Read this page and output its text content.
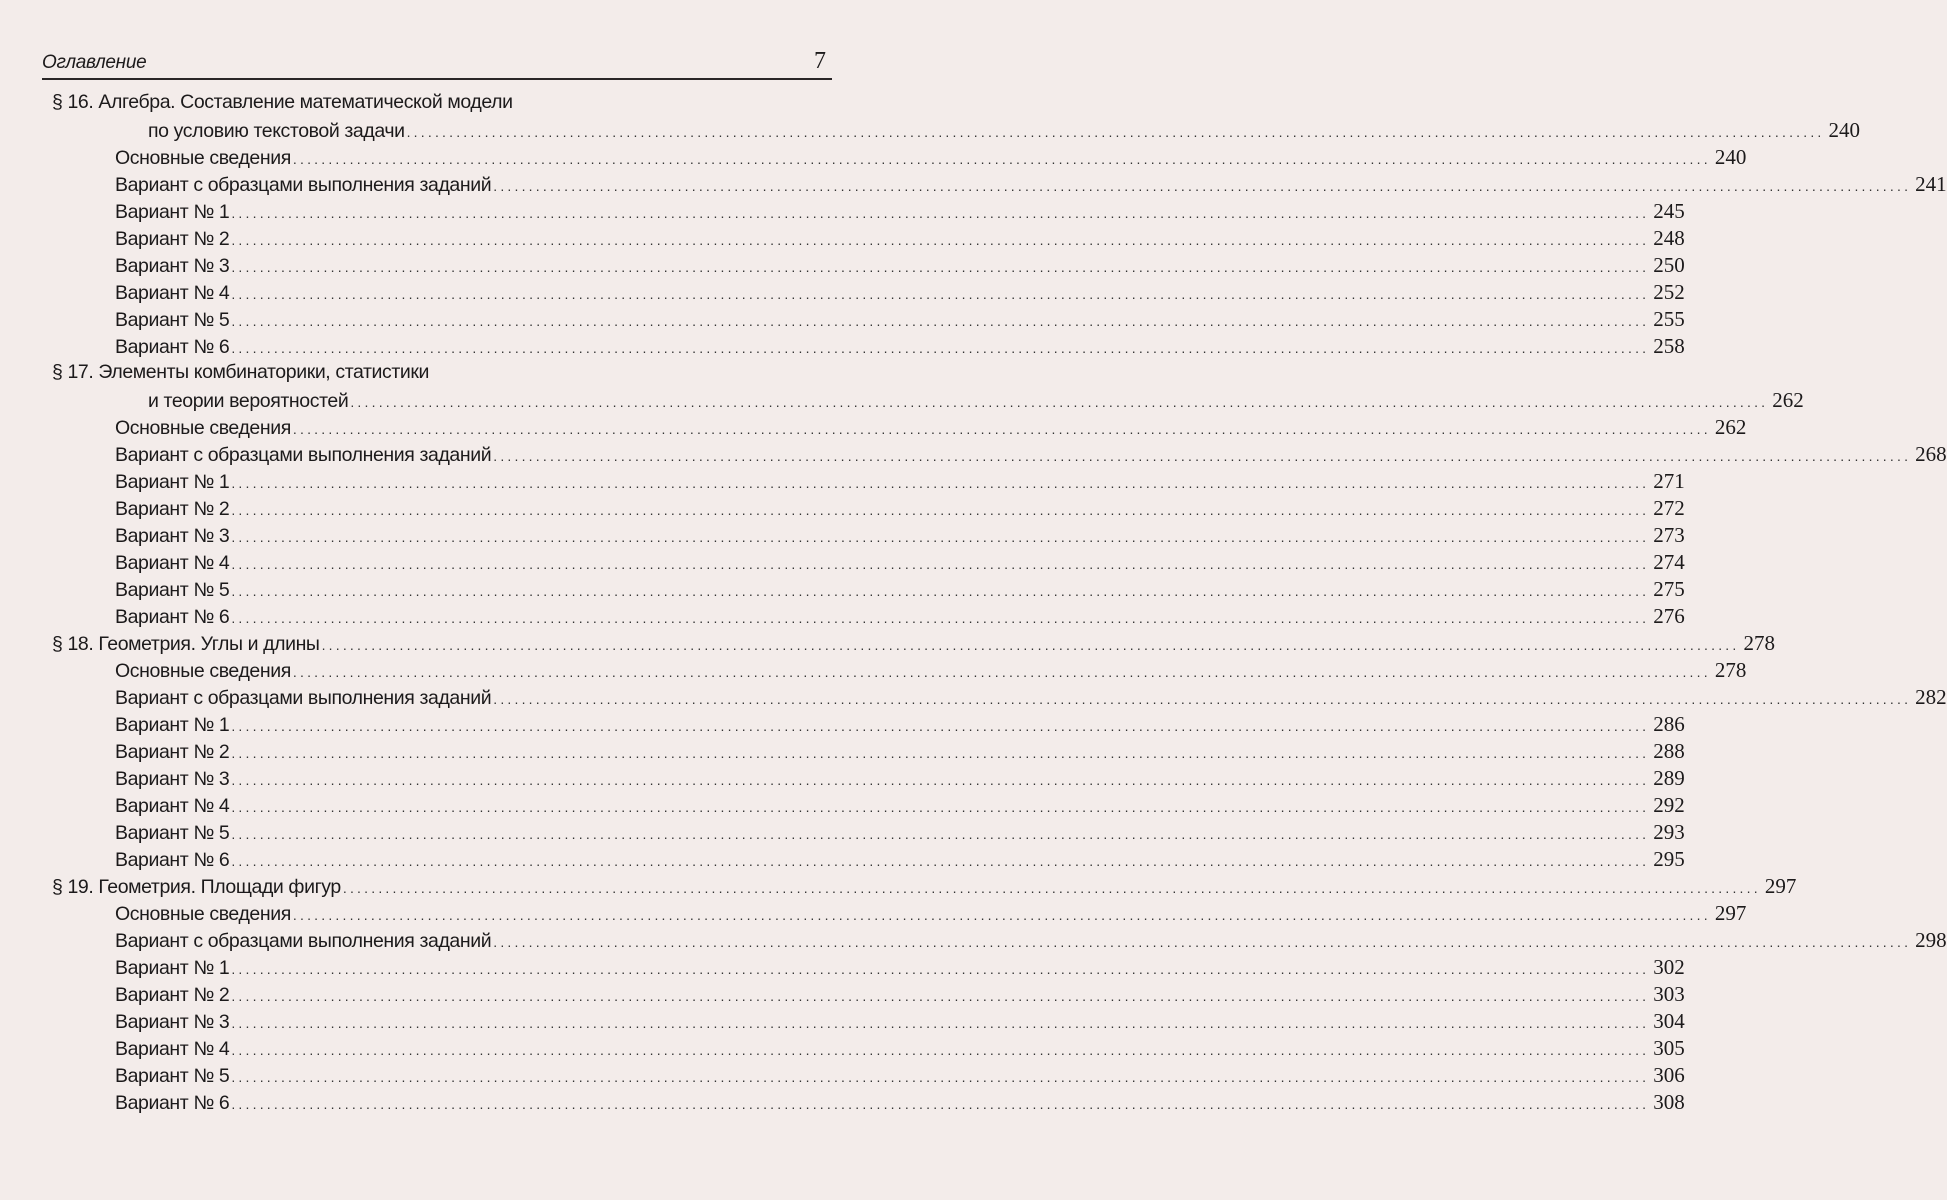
Оглавление	7
§ 16. Алгебра. Составление математической модели
по условию текстовой задачи ........................................................................................................................................................................................................ 240
Основные сведения ........................................................................................................................................................................................................ 240
Вариант с образцами выполнения заданий ........................................................................................................................................................................................................ 241
Вариант № 1 ........................................................................................................................................................................................................ 245
Вариант № 2 ........................................................................................................................................................................................................ 248
Вариант № 3 ........................................................................................................................................................................................................ 250
Вариант № 4 ........................................................................................................................................................................................................ 252
Вариант № 5 ........................................................................................................................................................................................................ 255
Вариант № 6 ........................................................................................................................................................................................................ 258
§ 17. Элементы комбинаторики, статистики
и теории вероятностей ........................................................................................................................................................................................................ 262
Основные сведения ........................................................................................................................................................................................................ 262
Вариант с образцами выполнения заданий ........................................................................................................................................................................................................ 268
Вариант № 1 ........................................................................................................................................................................................................ 271
Вариант № 2 ........................................................................................................................................................................................................ 272
Вариант № 3 ........................................................................................................................................................................................................ 273
Вариант № 4 ........................................................................................................................................................................................................ 274
Вариант № 5 ........................................................................................................................................................................................................ 275
Вариант № 6 ........................................................................................................................................................................................................ 276
§ 18. Геометрия. Углы и длины ........................................................................................................................................................................................................ 278
Основные сведения ........................................................................................................................................................................................................ 278
Вариант с образцами выполнения заданий ........................................................................................................................................................................................................ 282
Вариант № 1 ........................................................................................................................................................................................................ 286
Вариант № 2 ........................................................................................................................................................................................................ 288
Вариант № 3 ........................................................................................................................................................................................................ 289
Вариант № 4 ........................................................................................................................................................................................................ 292
Вариант № 5 ........................................................................................................................................................................................................ 293
Вариант № 6 ........................................................................................................................................................................................................ 295
§ 19. Геометрия. Площади фигур ........................................................................................................................................................................................................ 297
Основные сведения ........................................................................................................................................................................................................ 297
Вариант с образцами выполнения заданий ........................................................................................................................................................................................................ 298
Вариант № 1 ........................................................................................................................................................................................................ 302
Вариант № 2 ........................................................................................................................................................................................................ 303
Вариант № 3 ........................................................................................................................................................................................................ 304
Вариант № 4 ........................................................................................................................................................................................................ 305
Вариант № 5 ........................................................................................................................................................................................................ 306
Вариант № 6 ........................................................................................................................................................................................................ 308
